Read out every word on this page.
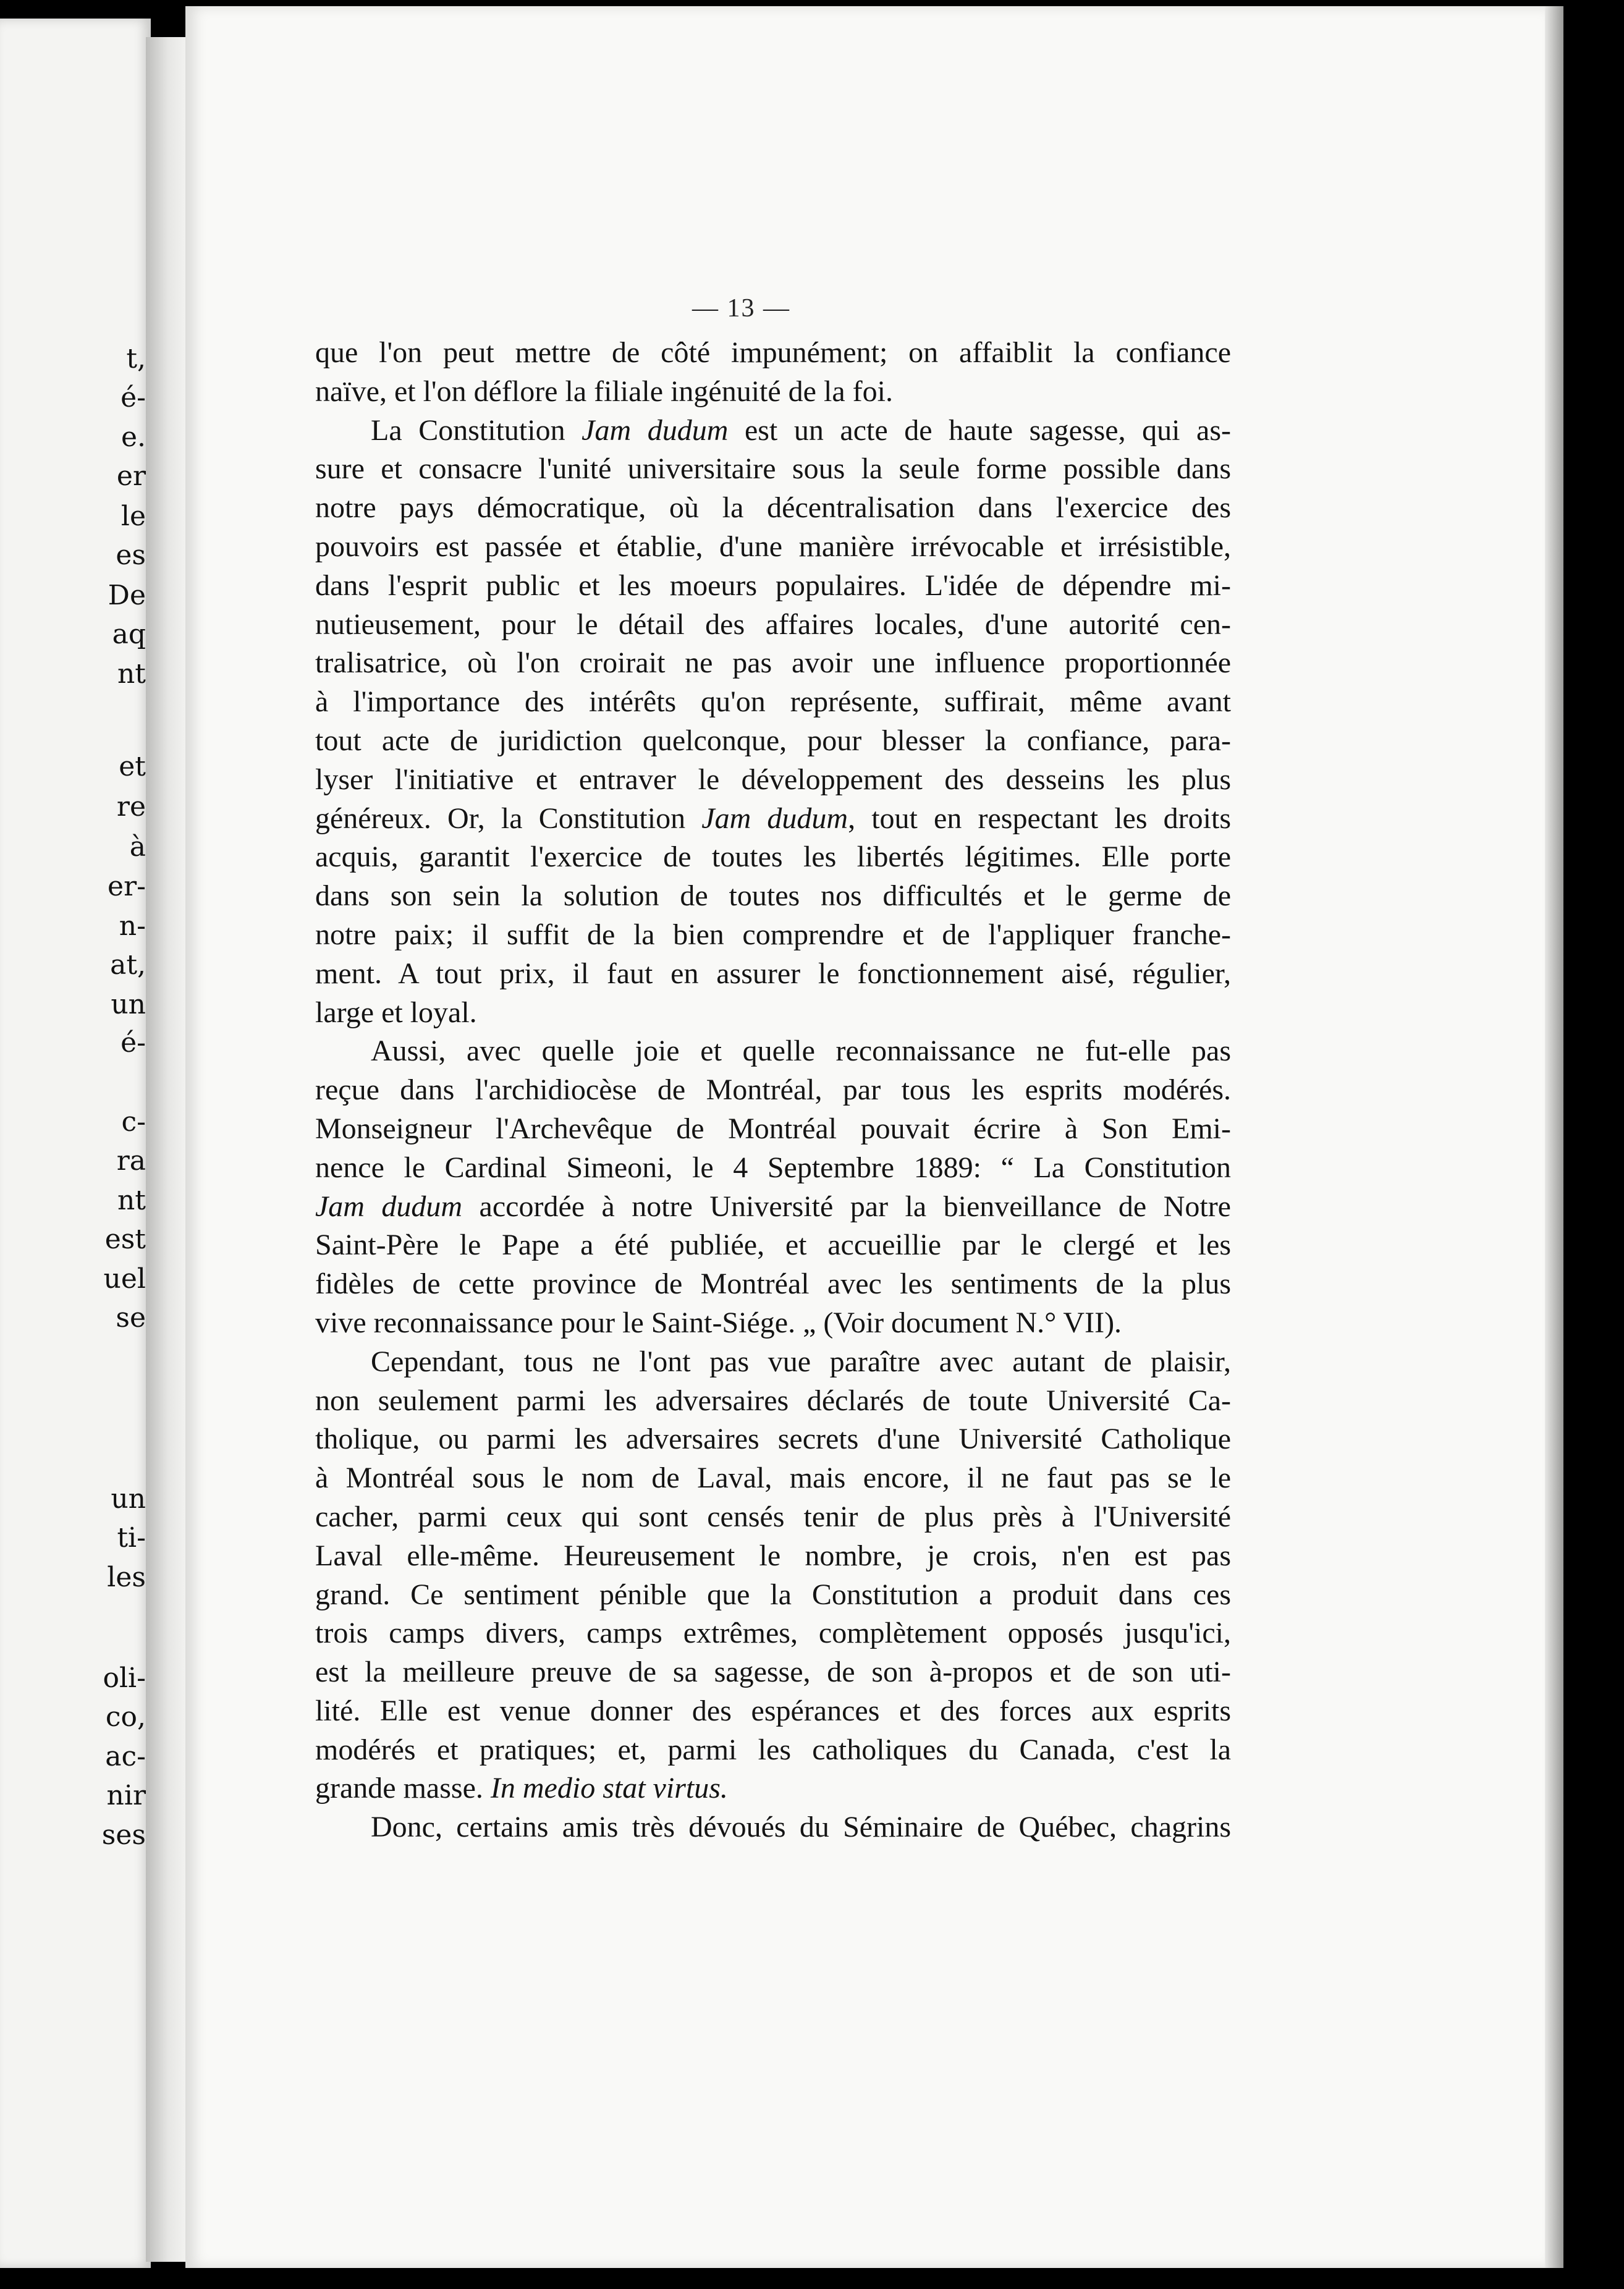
t,
é-
e.
er
le
es
De
aq
nt
et
re
à
er-
n-
at,
un
é-
c-
ra
nt
est
uel
se
un
ti-
les
oli-
co,
ac-
nir
ses
— 13 —
que l'on peut mettre de côté impunément; on affaiblit la confiance
naïve, et l'on déflore la filiale ingénuité de la foi.
La Constitution Jam dudum est un acte de haute sagesse, qui as-
sure et consacre l'unité universitaire sous la seule forme possible dans
notre pays démocratique, où la décentralisation dans l'exercice des
pouvoirs est passée et établie, d'une manière irrévocable et irrésistible,
dans l'esprit public et les moeurs populaires. L'idée de dépendre mi-
nutieusement, pour le détail des affaires locales, d'une autorité cen-
tralisatrice, où l'on croirait ne pas avoir une influence proportionnée
à l'importance des intérêts qu'on représente, suffirait, même avant
tout acte de juridiction quelconque, pour blesser la confiance, para-
lyser l'initiative et entraver le développement des desseins les plus
généreux. Or, la Constitution Jam dudum, tout en respectant les droits
acquis, garantit l'exercice de toutes les libertés légitimes. Elle porte
dans son sein la solution de toutes nos difficultés et le germe de
notre paix; il suffit de la bien comprendre et de l'appliquer franche-
ment. A tout prix, il faut en assurer le fonctionnement aisé, régulier,
large et loyal.
Aussi, avec quelle joie et quelle reconnaissance ne fut-elle pas
reçue dans l'archidiocèse de Montréal, par tous les esprits modérés.
Monseigneur l'Archevêque de Montréal pouvait écrire à Son Emi-
nence le Cardinal Simeoni, le 4 Septembre 1889: “ La Constitution
Jam dudum accordée à notre Université par la bienveillance de Notre
Saint-Père le Pape a été publiée, et accueillie par le clergé et les
fidèles de cette province de Montréal avec les sentiments de la plus
vive reconnaissance pour le Saint-Siége. „ (Voir document N.° VII).
Cependant, tous ne l'ont pas vue paraître avec autant de plaisir,
non seulement parmi les adversaires déclarés de toute Université Ca-
tholique, ou parmi les adversaires secrets d'une Université Catholique
à Montréal sous le nom de Laval, mais encore, il ne faut pas se le
cacher, parmi ceux qui sont censés tenir de plus près à l'Université
Laval elle-même. Heureusement le nombre, je crois, n'en est pas
grand. Ce sentiment pénible que la Constitution a produit dans ces
trois camps divers, camps extrêmes, complètement opposés jusqu'ici,
est la meilleure preuve de sa sagesse, de son à-propos et de son uti-
lité. Elle est venue donner des espérances et des forces aux esprits
modérés et pratiques; et, parmi les catholiques du Canada, c'est la
grande masse. In medio stat virtus.
Donc, certains amis très dévoués du Séminaire de Québec, chagrins
